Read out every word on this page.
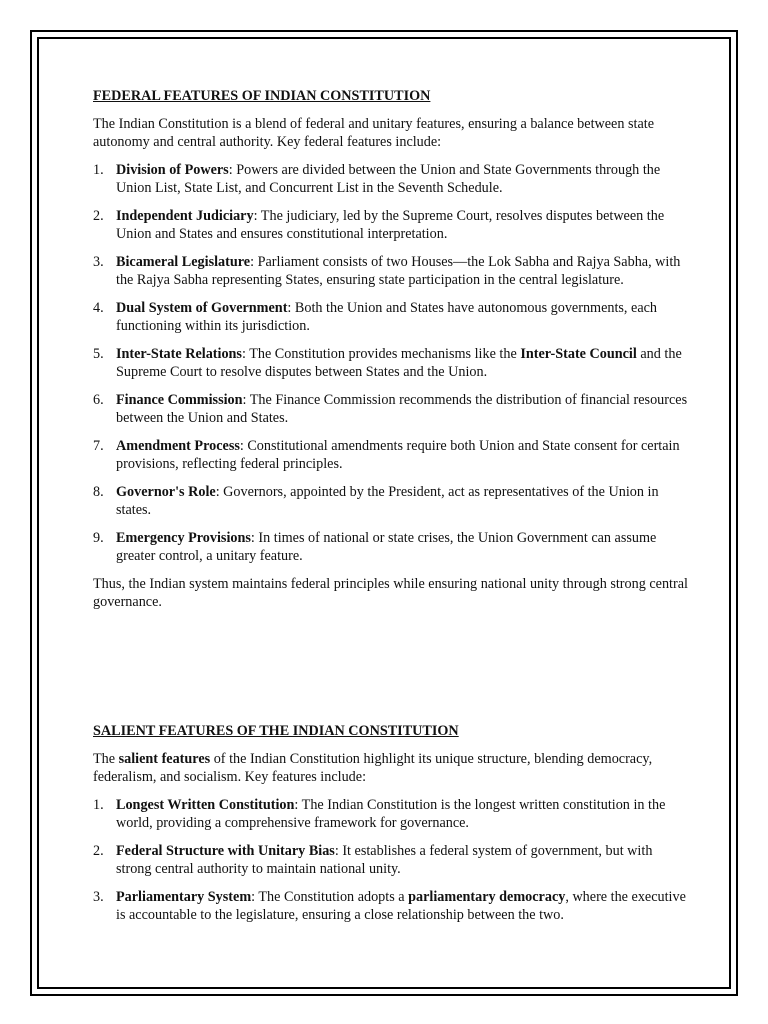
FEDERAL FEATURES OF INDIAN CONSTITUTION

The Indian Constitution is a blend of federal and unitary features, ensuring a balance between state autonomy and central authority. Key federal features include:

1. Division of Powers: Powers are divided between the Union and State Governments through the Union List, State List, and Concurrent List in the Seventh Schedule.
2. Independent Judiciary: The judiciary, led by the Supreme Court, resolves disputes between the Union and States and ensures constitutional interpretation.
3. Bicameral Legislature: Parliament consists of two Houses—the Lok Sabha and Rajya Sabha, with the Rajya Sabha representing States, ensuring state participation in the central legislature.
4. Dual System of Government: Both the Union and States have autonomous governments, each functioning within its jurisdiction.
5. Inter-State Relations: The Constitution provides mechanisms like the Inter-State Council and the Supreme Court to resolve disputes between States and the Union.
6. Finance Commission: The Finance Commission recommends the distribution of financial resources between the Union and States.
7. Amendment Process: Constitutional amendments require both Union and State consent for certain provisions, reflecting federal principles.
8. Governor's Role: Governors, appointed by the President, act as representatives of the Union in states.
9. Emergency Provisions: In times of national or state crises, the Union Government can assume greater control, a unitary feature.

Thus, the Indian system maintains federal principles while ensuring national unity through strong central governance.

SALIENT FEATURES OF THE INDIAN CONSTITUTION

The salient features of the Indian Constitution highlight its unique structure, blending democracy, federalism, and socialism. Key features include:

1. Longest Written Constitution: The Indian Constitution is the longest written constitution in the world, providing a comprehensive framework for governance.
2. Federal Structure with Unitary Bias: It establishes a federal system of government, but with strong central authority to maintain national unity.
3. Parliamentary System: The Constitution adopts a parliamentary democracy, where the executive is accountable to the legislature, ensuring a close relationship between the two.
